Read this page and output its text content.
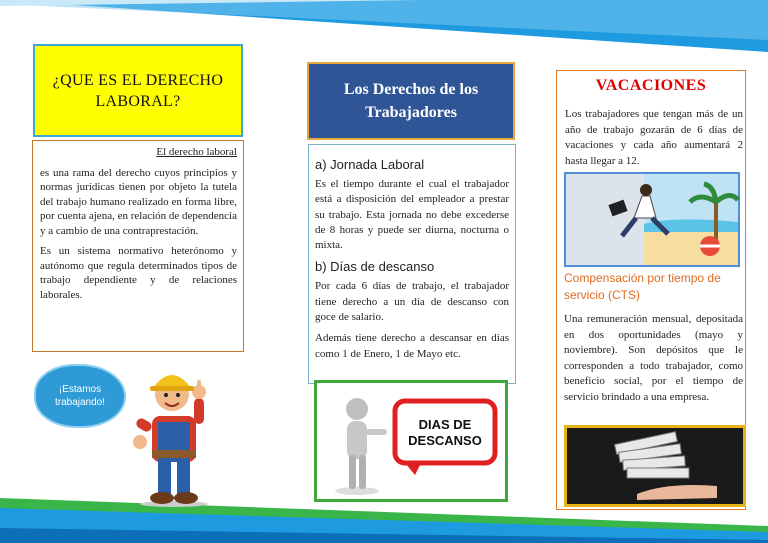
¿QUE ES EL DERECHO LABORAL?
El derecho laboral

es una rama del derecho cuyos principios y normas jurídicas tienen por objeto la tutela del trabajo humano realizado en forma libre, por cuenta ajena, en relación de dependencia y a cambio de una contraprestación.

Es un sistema normativo heterónomo y autónomo que regula determinados tipos de trabajo dependiente y de relaciones laborales.

¡Estamos trabajando!
Los Derechos de los Trabajadores
a) Jornada Laboral

Es el tiempo durante el cual el trabajador está a disposición del empleador a prestar su trabajo. Esta jornada no debe excederse de 8 horas y puede ser diurna, nocturna o mixta.

b) Días de descanso

Por cada 6 días de trabajo, el trabajador tiene derecho a un día de descanso con goce de salario.

Además tiene derecho a descansar en días como 1 de Enero, 1 de Mayo etc.

DIAS DE
DESCANSO
VACACIONES
Los trabajadores que tengan más de un año de trabajo gozarán de 6 días de vacaciones y cada año aumentará 2 hasta llegar a 12.
Compensación por tiempo de servicio (CTS)
Una remuneración mensual, depositada en dos oportunidades (mayo y noviembre). Son depósitos que le corresponden a todo trabajador, como beneficio social, por el tiempo de servicio brindado a una empresa.
